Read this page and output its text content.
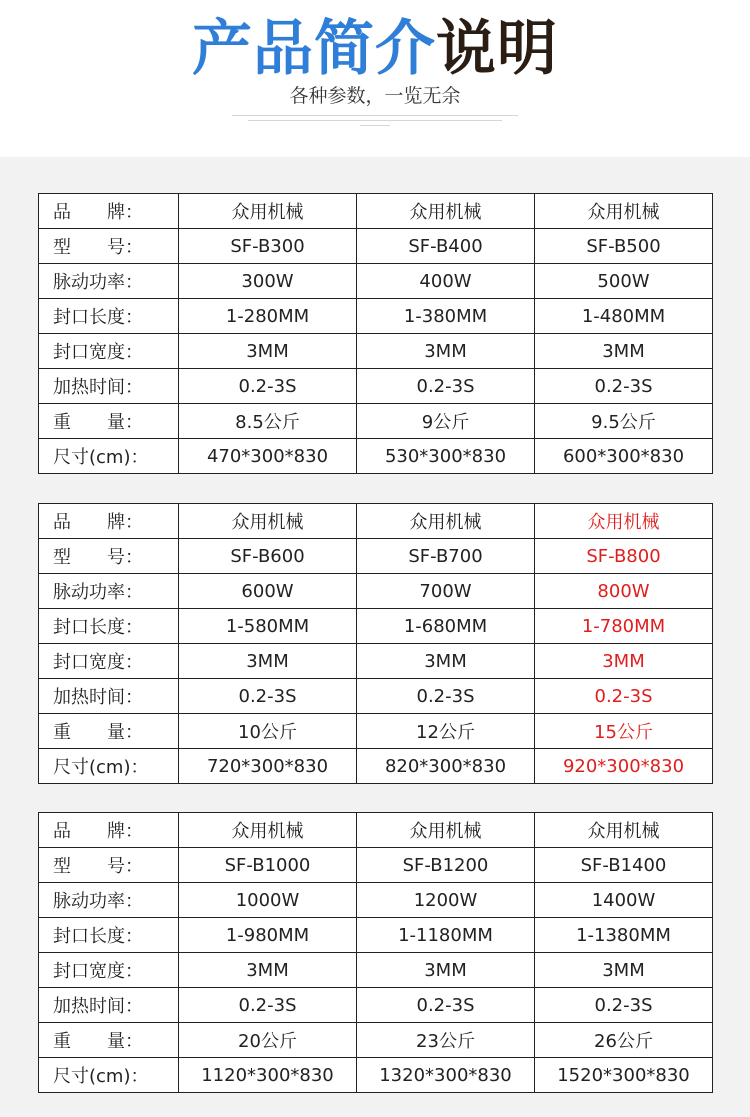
产品简介说明
各种参数，一览无余
品　　牌：	众用机械	众用机械	众用机械
型　　号：	SF-B300	SF-B400	SF-B500
脉动功率：	300W	400W	500W
封口长度：	1-280MM	1-380MM	1-480MM
封口宽度：	3MM	3MM	3MM
加热时间：	0.2-3S	0.2-3S	0.2-3S
重　　量：	8.5公斤	9公斤	9.5公斤
尺寸(cm)：	470*300*830	530*300*830	600*300*830
品　　牌：	众用机械	众用机械	众用机械
型　　号：	SF-B600	SF-B700	SF-B800
脉动功率：	600W	700W	800W
封口长度：	1-580MM	1-680MM	1-780MM
封口宽度：	3MM	3MM	3MM
加热时间：	0.2-3S	0.2-3S	0.2-3S
重　　量：	10公斤	12公斤	15公斤
尺寸(cm)：	720*300*830	820*300*830	920*300*830
品　　牌：	众用机械	众用机械	众用机械
型　　号：	SF-B1000	SF-B1200	SF-B1400
脉动功率：	1000W	1200W	1400W
封口长度：	1-980MM	1-1180MM	1-1380MM
封口宽度：	3MM	3MM	3MM
加热时间：	0.2-3S	0.2-3S	0.2-3S
重　　量：	20公斤	23公斤	26公斤
尺寸(cm)：	1120*300*830	1320*300*830	1520*300*830
